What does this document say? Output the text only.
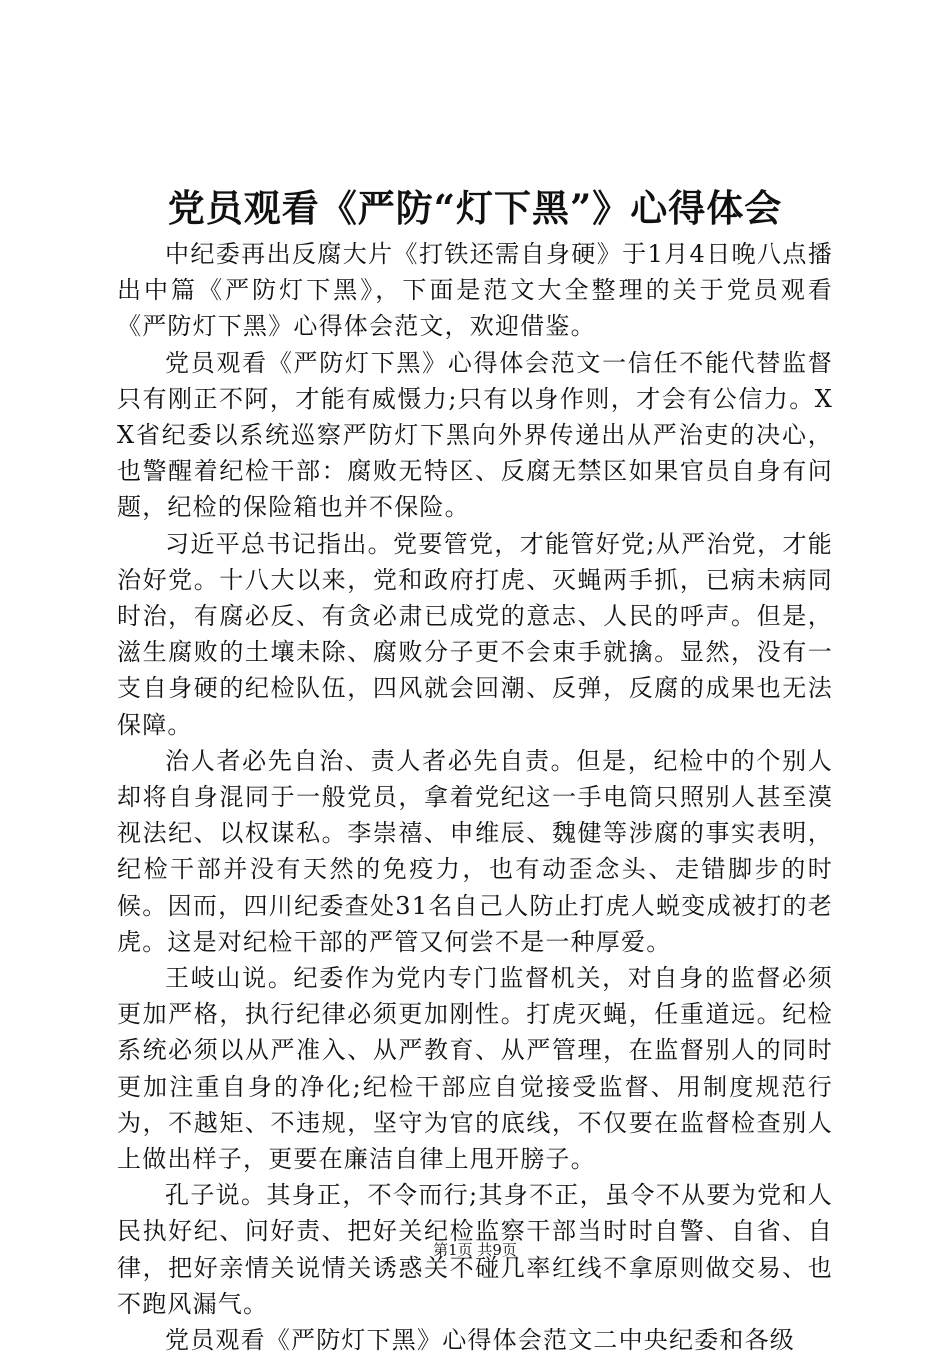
党员观看《严防“灯下黑”》心得体会

中纪委再出反腐大片《打铁还需自身硬》于1月4日晚八点播出中篇《严防灯下黑》，下面是范文大全整理的关于党员观看《严防灯下黑》心得体会范文，欢迎借鉴。

党员观看《严防灯下黑》心得体会范文一信任不能代替监督只有刚正不阿，才能有威慑力;只有以身作则，才会有公信力。XX省纪委以系统巡察严防灯下黑向外界传递出从严治吏的决心，也警醒着纪检干部：腐败无特区、反腐无禁区如果官员自身有问题，纪检的保险箱也并不保险。

习近平总书记指出。党要管党，才能管好党;从严治党，才能治好党。十八大以来，党和政府打虎、灭蝇两手抓，已病未病同时治，有腐必反、有贪必肃已成党的意志、人民的呼声。但是，滋生腐败的土壤未除、腐败分子更不会束手就擒。显然，没有一支自身硬的纪检队伍，四风就会回潮、反弹，反腐的成果也无法保障。

治人者必先自治、责人者必先自责。但是，纪检中的个别人却将自身混同于一般党员，拿着党纪这一手电筒只照别人甚至漠视法纪、以权谋私。李崇禧、申维辰、魏健等涉腐的事实表明，纪检干部并没有天然的免疫力，也有动歪念头、走错脚步的时候。因而，四川纪委查处31名自己人防止打虎人蜕变成被打的老虎。这是对纪检干部的严管又何尝不是一种厚爱。

王岐山说。纪委作为党内专门监督机关，对自身的监督必须更加严格，执行纪律必须更加刚性。打虎灭蝇，任重道远。纪检系统必须以从严准入、从严教育、从严管理，在监督别人的同时更加注重自身的净化;纪检干部应自觉接受监督、用制度规范行为，不越矩、不违规，坚守为官的底线，不仅要在监督检查别人上做出样子，更要在廉洁自律上甩开膀子。

孔子说。其身正，不令而行;其身不正，虽令不从要为党和人民执好纪、问好责、把好关纪检监察干部当时时自警、自省、自律，把好亲情关说情关诱惑关不碰几率红线不拿原则做交易、也不跑风漏气。

党员观看《严防灯下黑》心得体会范文二中央纪委和各级

第1页 共9页
